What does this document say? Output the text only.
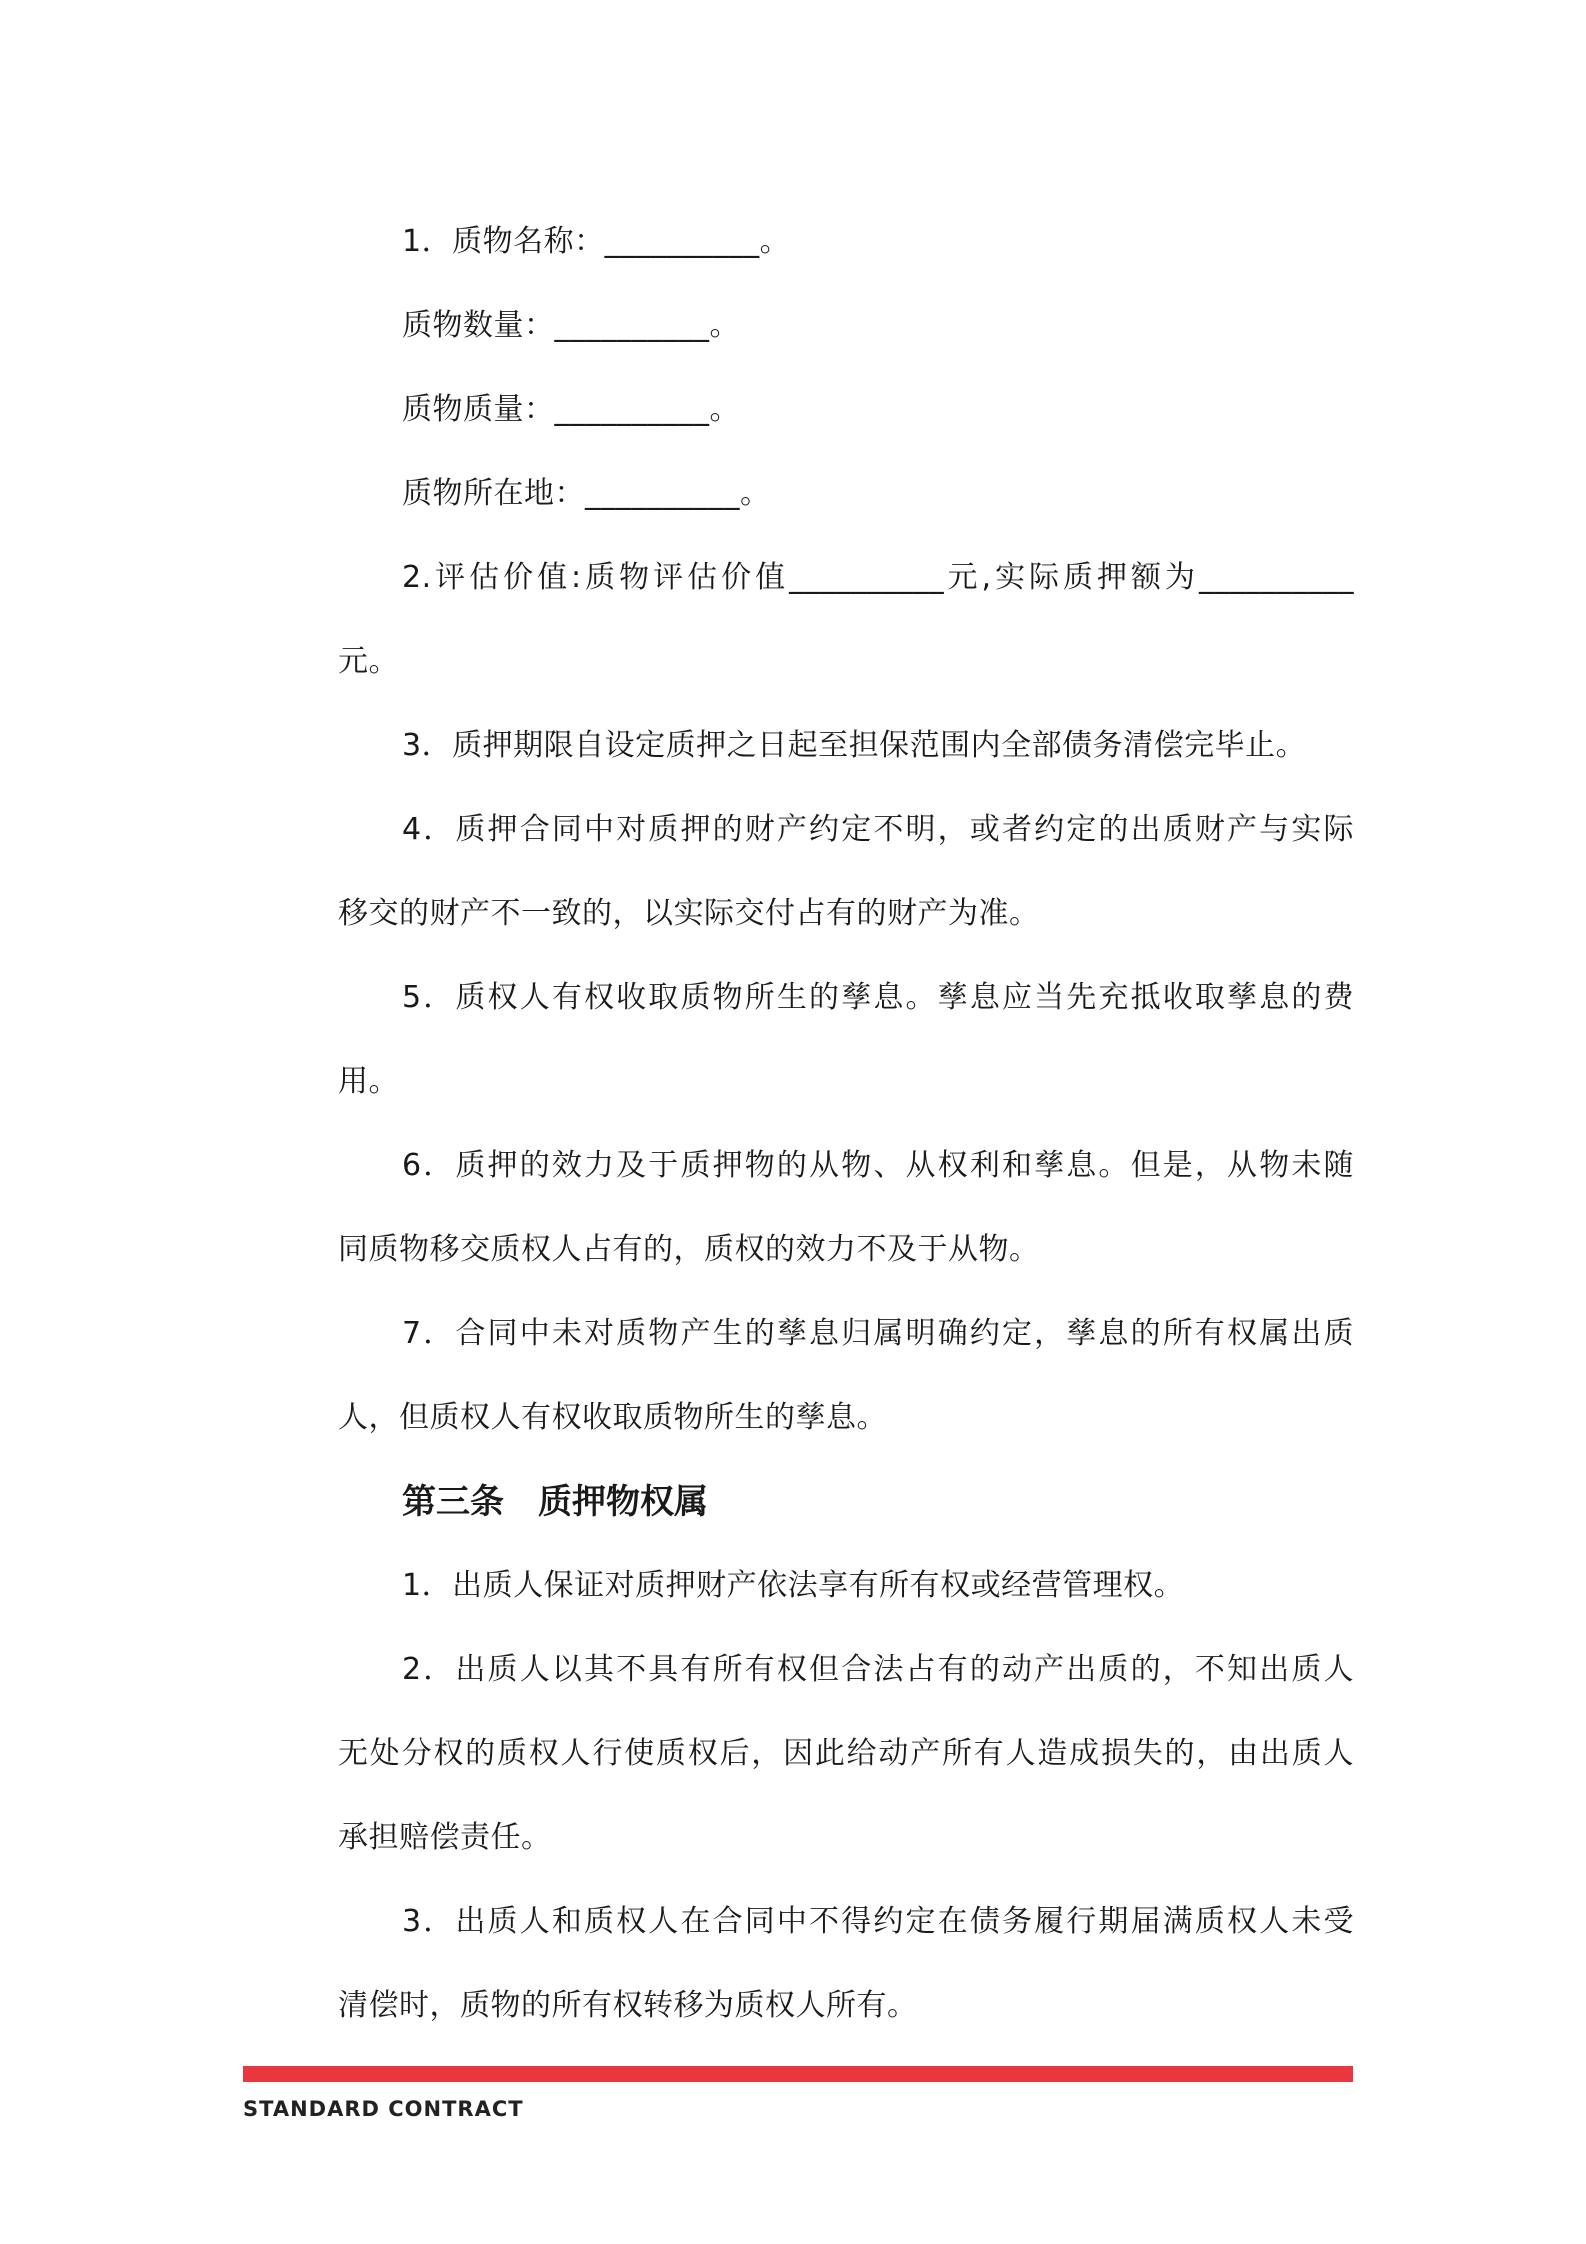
1．质物名称：__________。
质物数量：__________。
质物质量：__________。
质物所在地：__________。
2.评估价值:质物评估价值__________元,实际质押额为__________
元。
3．质押期限自设定质押之日起至担保范围内全部债务清偿完毕止。
4．质押合同中对质押的财产约定不明，或者约定的出质财产与实际
移交的财产不一致的，以实际交付占有的财产为准。
5．质权人有权收取质物所生的孳息。孳息应当先充抵收取孳息的费
用。
6．质押的效力及于质押物的从物、从权利和孳息。但是，从物未随
同质物移交质权人占有的，质权的效力不及于从物。
7．合同中未对质物产生的孳息归属明确约定，孳息的所有权属出质
人，但质权人有权收取质物所生的孳息。
第三条　质押物权属
1．出质人保证对质押财产依法享有所有权或经营管理权。
2．出质人以其不具有所有权但合法占有的动产出质的，不知出质人
无处分权的质权人行使质权后，因此给动产所有人造成损失的，由出质人
承担赔偿责任。
3．出质人和质权人在合同中不得约定在债务履行期届满质权人未受
清偿时，质物的所有权转移为质权人所有。
STANDARD CONTRACT
